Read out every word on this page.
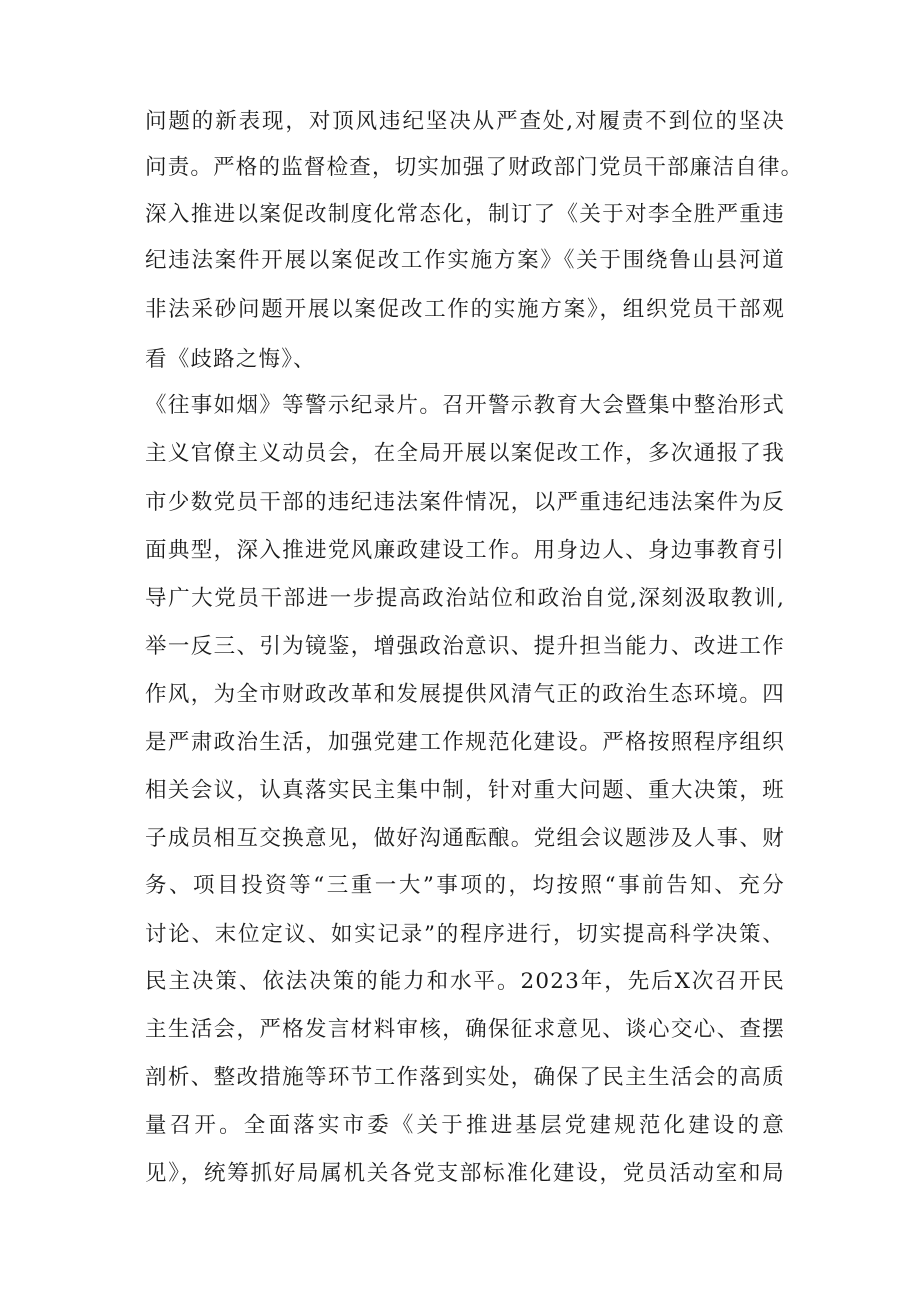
问题的新表现，对顶风违纪坚决从严查处,对履责不到位的坚决
问责。严格的监督检查，切实加强了财政部门党员干部廉洁自律。
深入推进以案促改制度化常态化，制订了《关于对李全胜严重违
纪违法案件开展以案促改工作实施方案》《关于围绕鲁山县河道
非法采砂问题开展以案促改工作的实施方案》，组织党员干部观
看《歧路之悔》、
《往事如烟》等警示纪录片。召开警示教育大会暨集中整治形式
主义官僚主义动员会，在全局开展以案促改工作，多次通报了我
市少数党员干部的违纪违法案件情况，以严重违纪违法案件为反
面典型，深入推进党风廉政建设工作。用身边人、身边事教育引
导广大党员干部进一步提高政治站位和政治自觉,深刻汲取教训,
举一反三、引为镜鉴，增强政治意识、提升担当能力、改进工作
作风，为全市财政改革和发展提供风清气正的政治生态环境。四
是严肃政治生活，加强党建工作规范化建设。严格按照程序组织
相关会议，认真落实民主集中制，针对重大问题、重大决策，班
子成员相互交换意见，做好沟通酝酿。党组会议题涉及人事、财
务、项目投资等“三重一大”事项的，均按照“事前告知、充分
讨论、末位定议、如实记录”的程序进行，切实提高科学决策、
民主决策、依法决策的能力和水平。2023年，先后X次召开民
主生活会，严格发言材料审核，确保征求意见、谈心交心、查摆
剖析、整改措施等环节工作落到实处，确保了民主生活会的高质
量召开。全面落实市委《关于推进基层党建规范化建设的意
见》，统筹抓好局属机关各党支部标准化建设，党员活动室和局
